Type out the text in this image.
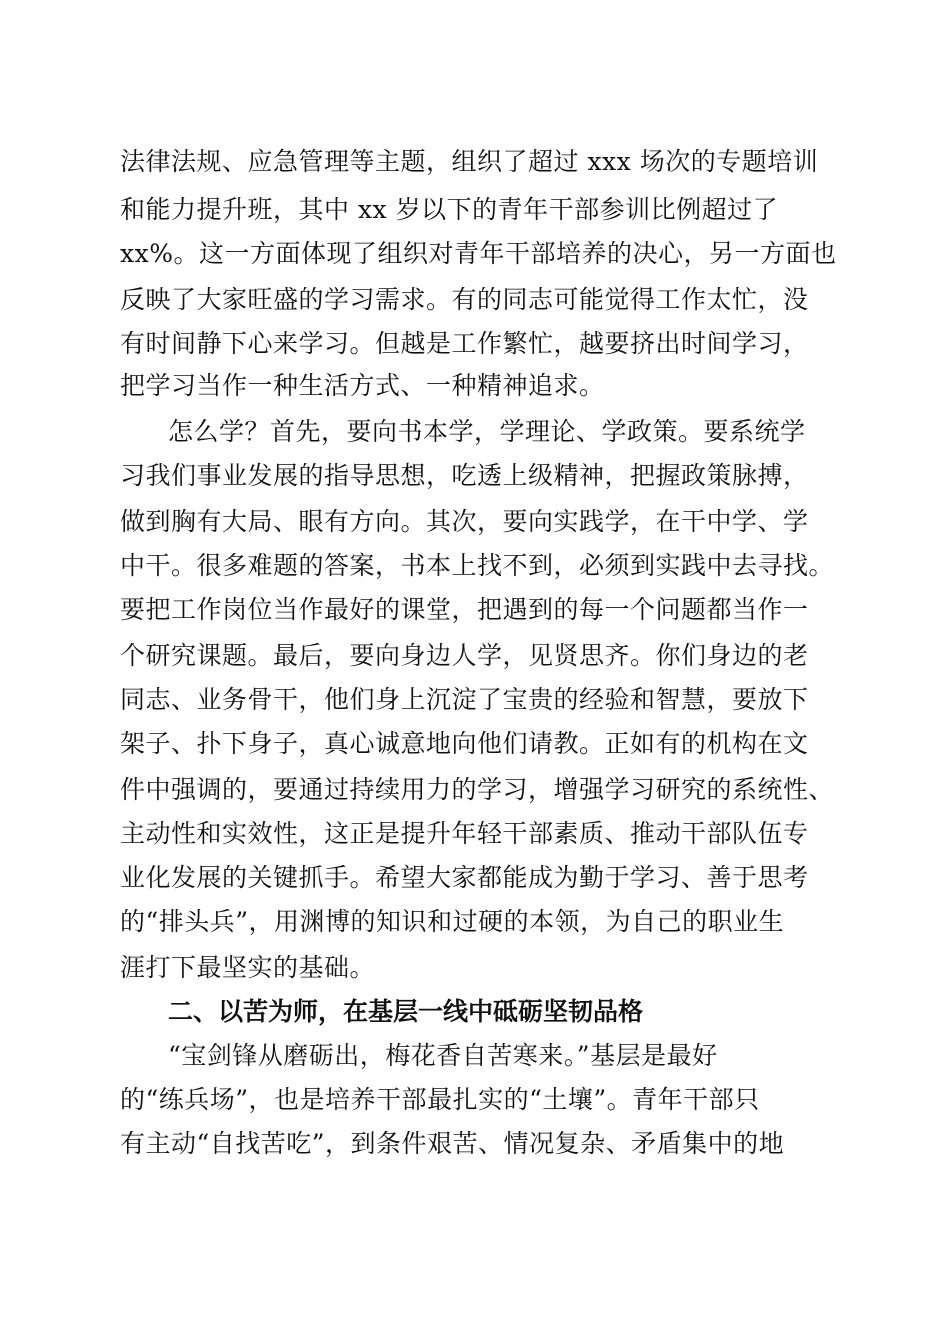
法律法规、应急管理等主题，组织了超过 xxx 场次的专题培训
和能力提升班，其中 xx 岁以下的青年干部参训比例超过了
xx%。这一方面体现了组织对青年干部培养的决心，另一方面也
反映了大家旺盛的学习需求。有的同志可能觉得工作太忙，没
有时间静下心来学习。但越是工作繁忙，越要挤出时间学习，
把学习当作一种生活方式、一种精神追求。
怎么学？首先，要向书本学，学理论、学政策。要系统学
习我们事业发展的指导思想，吃透上级精神，把握政策脉搏，
做到胸有大局、眼有方向。其次，要向实践学，在干中学、学
中干。很多难题的答案，书本上找不到，必须到实践中去寻找。
要把工作岗位当作最好的课堂，把遇到的每一个问题都当作一
个研究课题。最后，要向身边人学，见贤思齐。你们身边的老
同志、业务骨干，他们身上沉淀了宝贵的经验和智慧，要放下
架子、扑下身子，真心诚意地向他们请教。正如有的机构在文
件中强调的，要通过持续用力的学习，增强学习研究的系统性、
主动性和实效性，这正是提升年轻干部素质、推动干部队伍专
业化发展的关键抓手。希望大家都能成为勤于学习、善于思考
的“排头兵”，用渊博的知识和过硬的本领，为自己的职业生
涯打下最坚实的基础。
二、以苦为师，在基层一线中砥砺坚韧品格
“宝剑锋从磨砺出，梅花香自苦寒来。”基层是最好
的“练兵场”，也是培养干部最扎实的“土壤”。青年干部只
有主动“自找苦吃”，到条件艰苦、情况复杂、矛盾集中的地
